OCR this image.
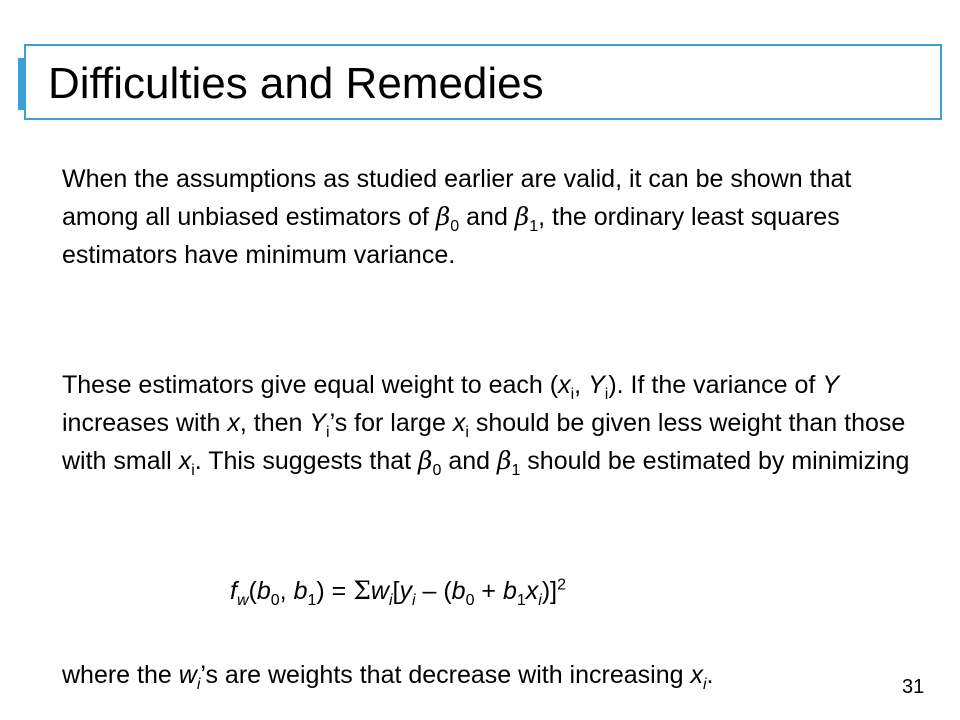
Difficulties and Remedies
When the assumptions as studied earlier are valid, it can be shown that among all unbiased estimators of $\beta_0$ and $\beta_1$, the ordinary least squares estimators have minimum variance.
These estimators give equal weight to each ($x_i$, $Y_i$). If the variance of Y increases with x, then $Y_i’s$ for large $x_i$ should be given less weight than those with small $x_i$. This suggests that $\beta_0$ and $\beta_1$ should be estimated by minimizing
$f_w(b_0$, $b_1) = \Sigma w_i[y_i - (b_0 + b_1x_i)]^2$
where the $w_i’s$ are weights that decrease with increasing $x_i$.	31
